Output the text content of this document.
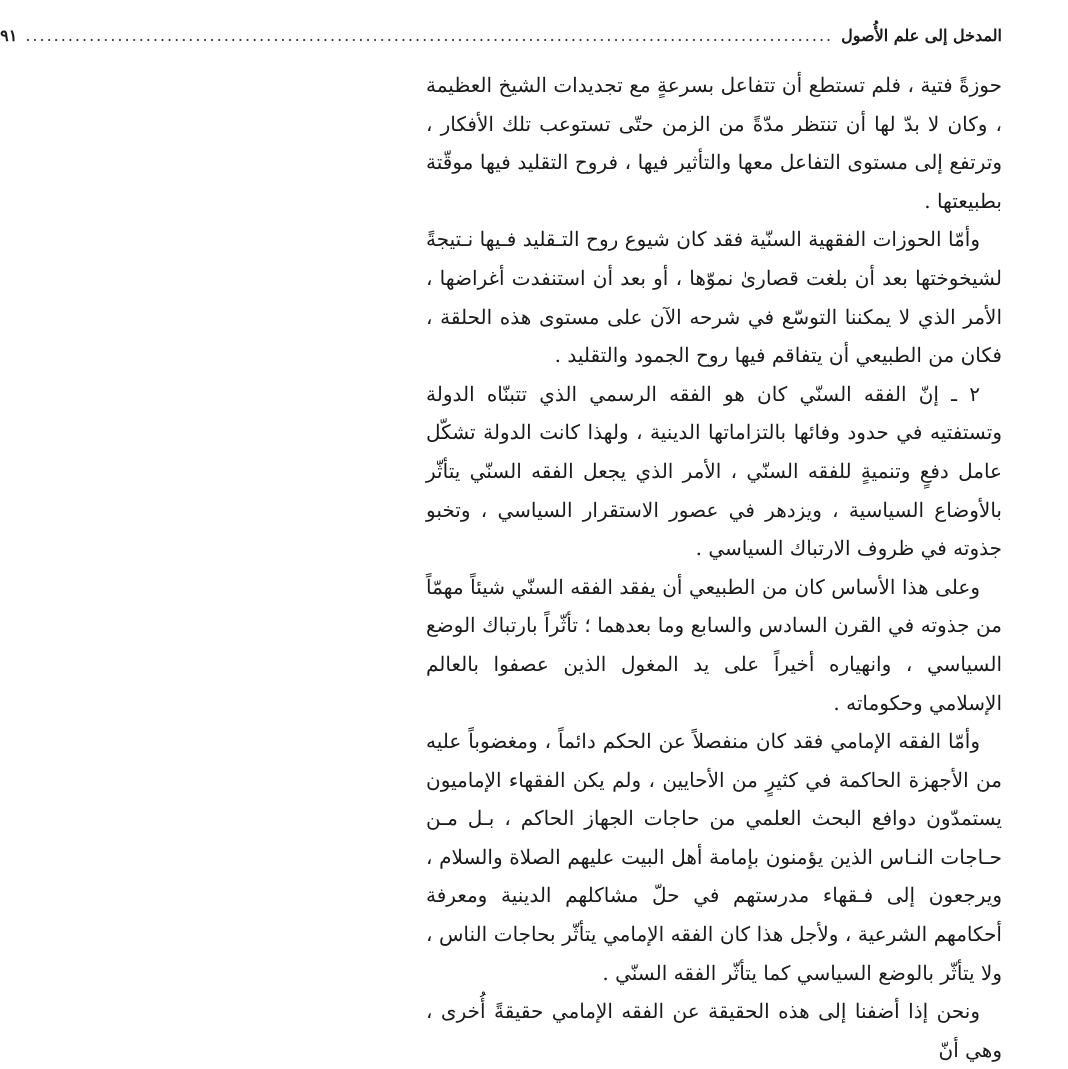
المدخل إلى علم الأُصول
.....
٩١

حوزةً فتية ، فلم تستطع أن تتفاعل بسرعةٍ مع تجديدات الشيخ العظيمة ، وكان لا بدّ لها أن تنتظر مدّةً من الزمن حتّى تستوعب تلك الأفكار ، وترتفع إلى مستوى التفاعل معها والتأثير فيها ، فروح التقليد فيها موقّتة بطبيعتها .

وأمّا الحوزات الفقهية السنّية فقد كان شيوع روح التـقليد فـيها نـتيجةً لشيخوختها بعد أن بلغت قصارىٰ نموّها ، أو بعد أن استنفدت أغراضها ، الأمر الذي لا يمكننا التوسّع في شرحه الآن على مستوى هذه الحلقة ، فكان من الطبيعي أن يتفاقم فيها روح الجمود والتقليد .

٢ ـ إنّ الفقه السنّي كان هو الفقه الرسمي الذي تتبنّاه الدولة وتستفتيه في حدود وفائها بالتزاماتها الدينية ، ولهذا كانت الدولة تشكّل عامل دفعٍ وتنميةٍ للفقه السنّي ، الأمر الذي يجعل الفقه السنّي يتأثّر بالأوضاع السياسية ، ويزدهر في عصور الاستقرار السياسي ، وتخبو جذوته في ظروف الارتباك السياسي .

وعلى هذا الأساس كان من الطبيعي أن يفقد الفقه السنّي شيئاً مهمّاً من جذوته في القرن السادس والسابع وما بعدهما ؛ تأثّراً بارتباك الوضع السياسي ، وانهياره أخيراً على يد المغول الذين عصفوا بالعالم الإسلامي وحكوماته .

وأمّا الفقه الإمامي فقد كان منفصلاً عن الحكم دائماً ، ومغضوباً عليه من الأجهزة الحاكمة في كثيرٍ من الأحايين ، ولم يكن الفقهاء الإماميون يستمدّون دوافع البحث العلمي من حاجات الجهاز الحاكم ، بـل مـن حـاجات النـاس الذين يؤمنون بإمامة أهل البيت عليهم الصلاة والسلام ، ويرجعون إلى فـقهاء مدرستهم في حلّ مشاكلهم الدينية ومعرفة أحكامهم الشرعية ، ولأجل هذا كان الفقه الإمامي يتأثّر بحاجات الناس ، ولا يتأثّر بالوضع السياسي كما يتأثّر الفقه السنّي .

ونحن إذا أضفنا إلى هذه الحقيقة عن الفقه الإمامي حقيقةً أُخرى ، وهي أنّ
